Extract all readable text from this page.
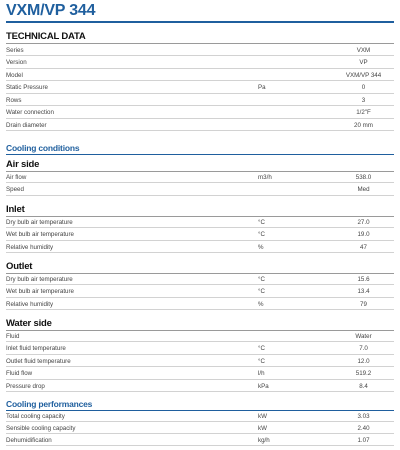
VXM/VP 344
TECHNICAL DATA
Series	VXM
Version	VP
Model	VXM/VP 344
Static Pressure	Pa	0
Rows	3
Water connection	1/2"F
Drain diameter	20 mm
Cooling conditions
Air side
Air flow	m3/h	538.0
Speed	Med
Inlet
Dry bulb air temperature	°C	27.0
Wet bulb air temperature	°C	19.0
Relative humidity	%	47
Outlet
Dry bulb air temperature	°C	15.6
Wet bulb air temperature	°C	13.4
Relative humidity	%	79
Water side
Fluid	Water
Inlet fluid temperature	°C	7.0
Outlet fluid temperature	°C	12.0
Fluid flow	l/h	519.2
Pressure drop	kPa	8.4
Cooling performances
Total cooling capacity	kW	3.03
Sensible cooling capacity	kW	2.40
Dehumidification	kg/h	1.07
